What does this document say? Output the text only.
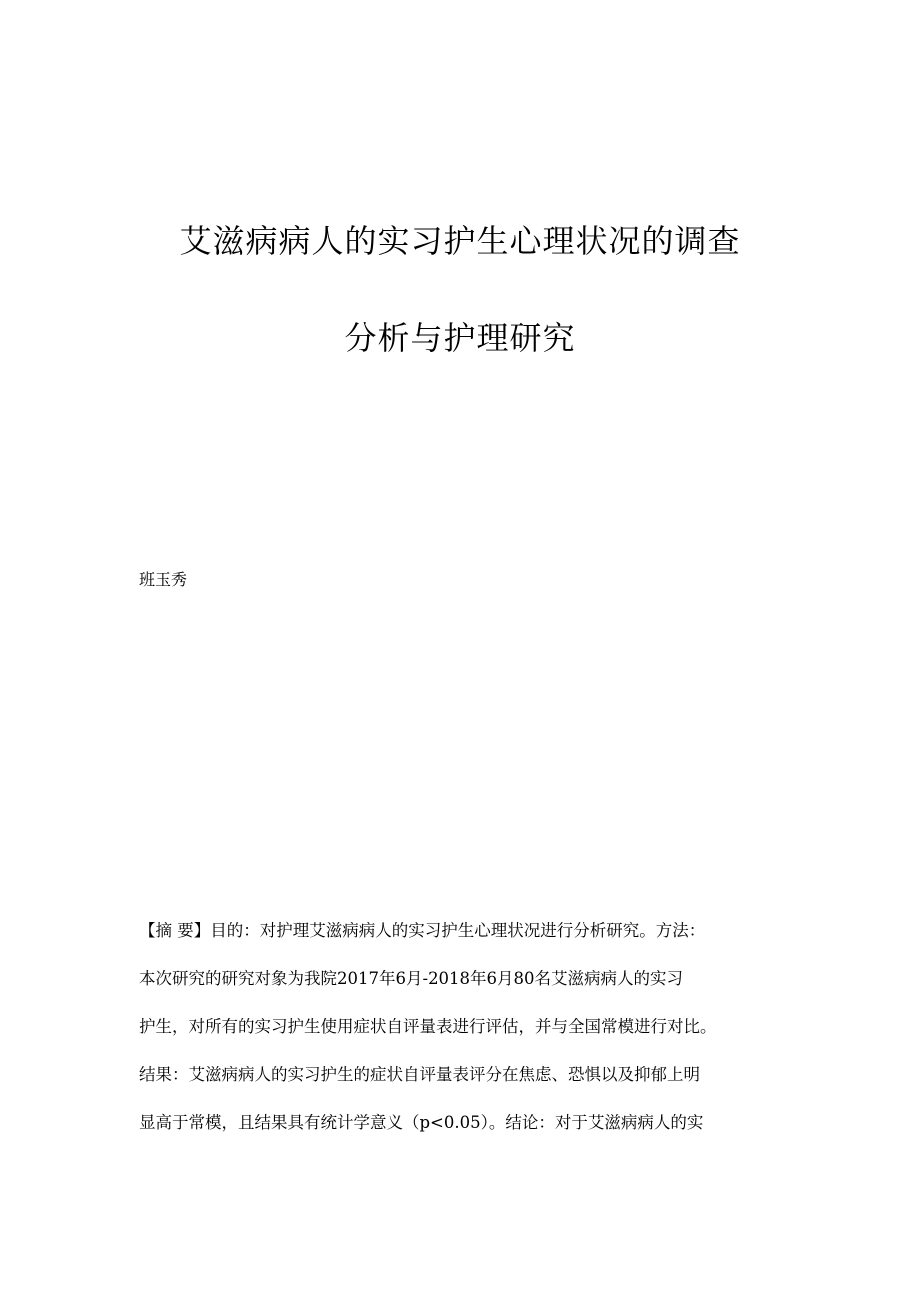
艾滋病病人的实习护生心理状况的调查
分析与护理研究
班玉秀
【摘 要】目的：对护理艾滋病病人的实习护生心理状况进行分析研究。方法：
本次研究的研究对象为我院2017年6月-2018年6月80名艾滋病病人的实习
护生，对所有的实习护生使用症状自评量表进行评估，并与全国常模进行对比。
结果：艾滋病病人的实习护生的症状自评量表评分在焦虑、恐惧以及抑郁上明
显高于常模，且结果具有统计学意义（p<0.05）。结论：对于艾滋病病人的实
